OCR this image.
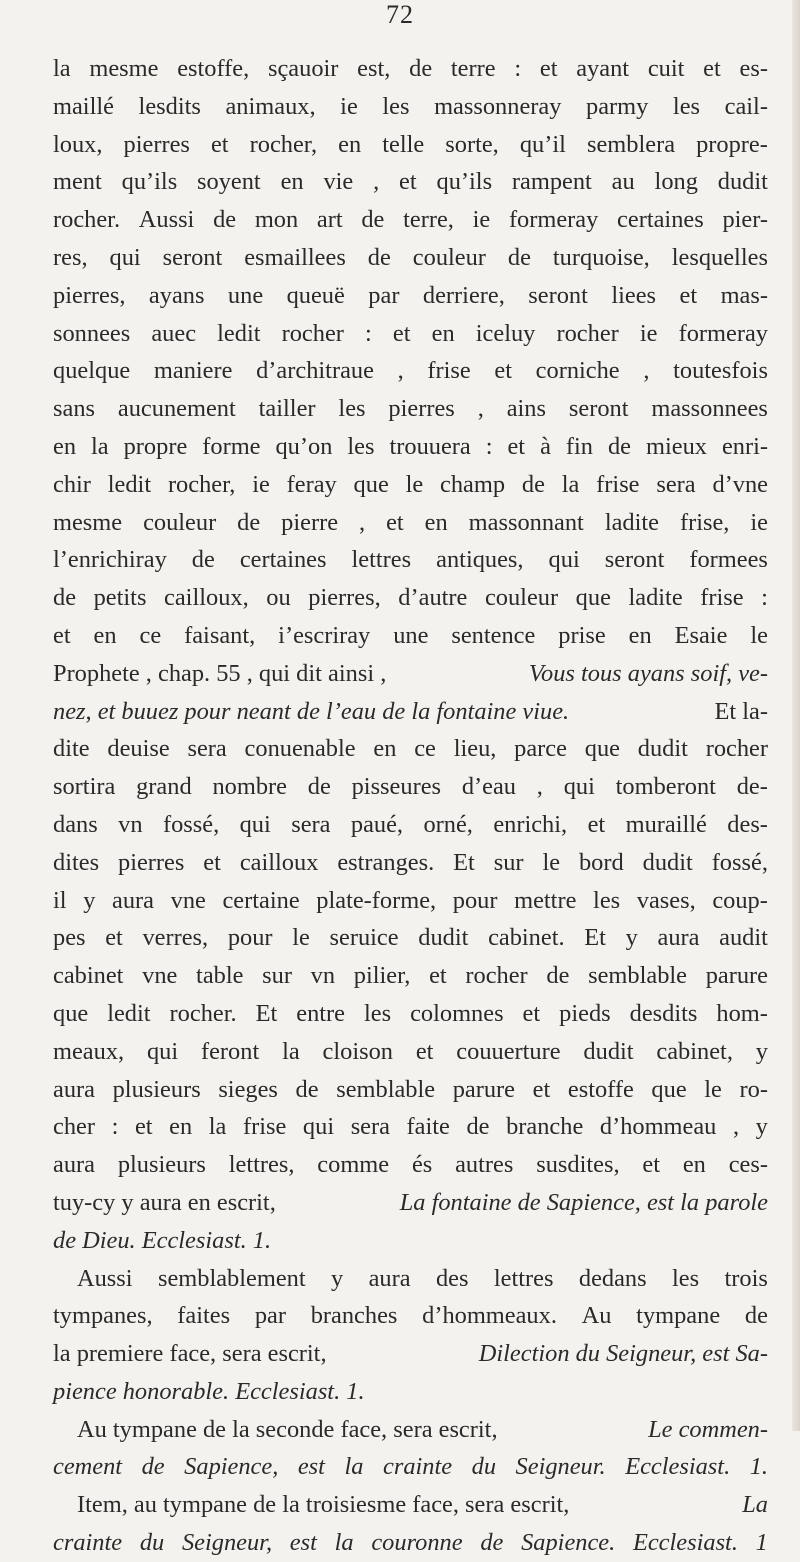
72
la mesme estoffe, sçauoir est, de terre : et ayant cuit et es-
maillé lesdits animaux, ie les massonneray parmy les cail-
loux, pierres et rocher, en telle sorte, qu’il semblera propre-
ment qu’ils soyent en vie , et qu’ils rampent au long dudit
rocher. Aussi de mon art de terre, ie formeray certaines pier-
res, qui seront esmaillees de couleur de turquoise, lesquelles
pierres, ayans une queuë par derriere, seront liees et mas-
sonnees auec ledit rocher : et en iceluy rocher ie formeray
quelque maniere d’architraue , frise et corniche , toutesfois
sans aucunement tailler les pierres , ains seront massonnees
en la propre forme qu’on les trouuera : et à fin de mieux enri-
chir ledit rocher, ie feray que le champ de la frise sera d’vne
mesme couleur de pierre , et en massonnant ladite frise, ie
l’enrichiray de certaines lettres antiques, qui seront formees
de petits cailloux, ou pierres, d’autre couleur que ladite frise :
et en ce faisant, i’escriray une sentence prise en Esaie le
Prophete , chap. 55 , qui dit ainsi ,	Vous tous ayans soif, ve-
nez, et buuez pour neant de l’eau de la fontaine viue.	Et la-
dite deuise sera conuenable en ce lieu, parce que dudit rocher
sortira grand nombre de pisseures d’eau , qui tomberont de-
dans vn fossé, qui sera paué, orné, enrichi, et muraillé des-
dites pierres et cailloux estranges. Et sur le bord dudit fossé,
il y aura vne certaine plate-forme, pour mettre les vases, coup-
pes et verres, pour le seruice dudit cabinet. Et y aura audit
cabinet vne table sur vn pilier, et rocher de semblable parure
que ledit rocher. Et entre les colomnes et pieds desdits hom-
meaux, qui feront la cloison et couuerture dudit cabinet, y
aura plusieurs sieges de semblable parure et estoffe que le ro-
cher : et en la frise qui sera faite de branche d’hommeau , y
aura plusieurs lettres, comme és autres susdites, et en ces-
tuy-cy y aura en escrit,	La fontaine de Sapience, est la parole
de Dieu. Ecclesiast. 1.
Aussi semblablement y aura des lettres dedans les trois
tympanes, faites par branches d’hommeaux. Au tympane de
la premiere face, sera escrit,	Dilection du Seigneur, est Sa-
pience honorable. Ecclesiast. 1.
Au tympane de la seconde face, sera escrit,	Le commen-
cement de Sapience, est la crainte du Seigneur. Ecclesiast. 1.
Item, au tympane de la troisiesme face, sera escrit,	La
crainte du Seigneur, est la couronne de Sapience. Ecclesiast. 1
